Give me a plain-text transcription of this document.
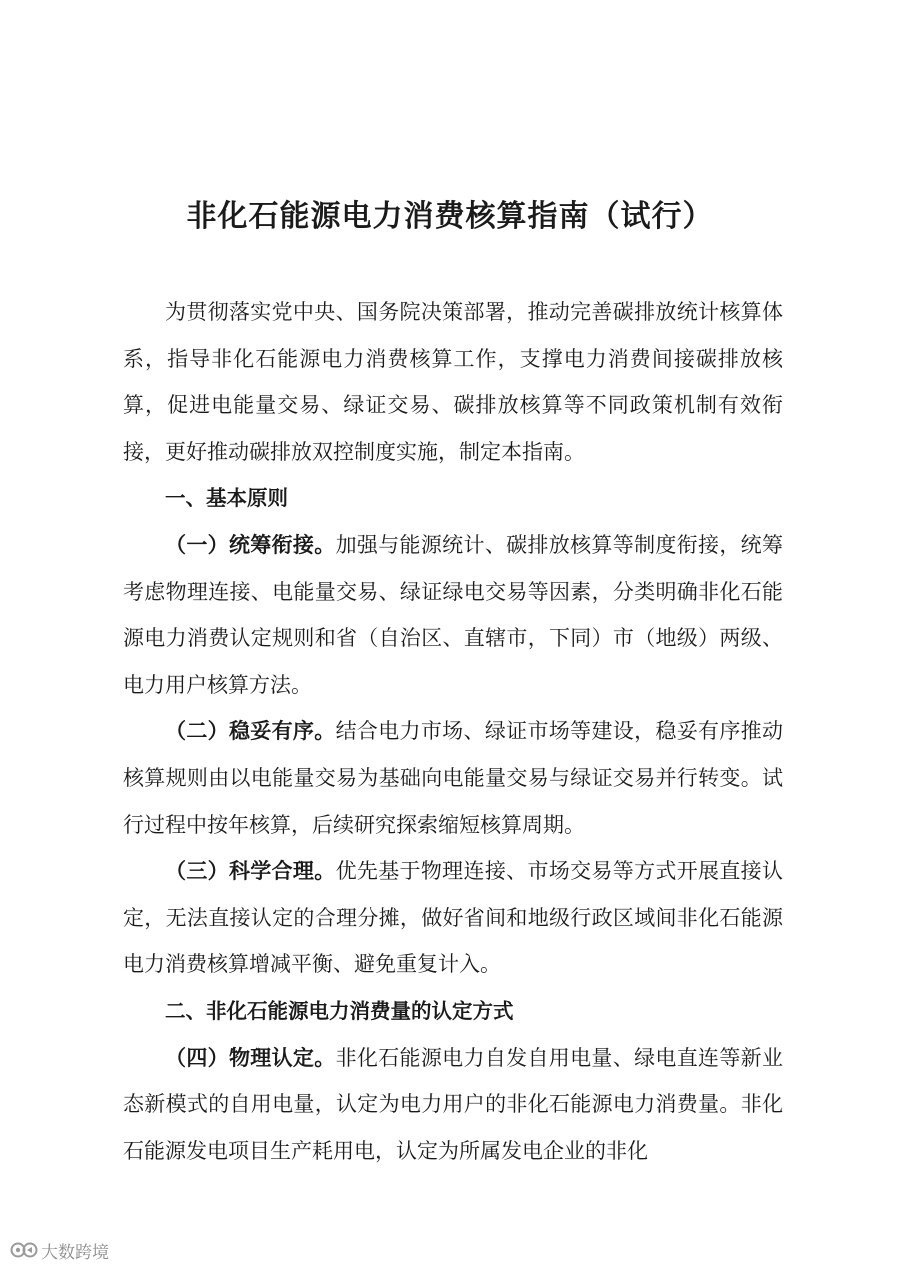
非化石能源电力消费核算指南（试行）

为贯彻落实党中央、国务院决策部署，推动完善碳排放统计核算体系，指导非化石能源电力消费核算工作，支撑电力消费间接碳排放核算，促进电能量交易、绿证交易、碳排放核算等不同政策机制有效衔接，更好推动碳排放双控制度实施，制定本指南。

一、基本原则

（一）统筹衔接。加强与能源统计、碳排放核算等制度衔接，统筹考虑物理连接、电能量交易、绿证绿电交易等因素，分类明确非化石能源电力消费认定规则和省（自治区、直辖市，下同）市（地级）两级、电力用户核算方法。

（二）稳妥有序。结合电力市场、绿证市场等建设，稳妥有序推动核算规则由以电能量交易为基础向电能量交易与绿证交易并行转变。试行过程中按年核算，后续研究探索缩短核算周期。

（三）科学合理。优先基于物理连接、市场交易等方式开展直接认定，无法直接认定的合理分摊，做好省间和地级行政区域间非化石能源电力消费核算增减平衡、避免重复计入。

二、非化石能源电力消费量的认定方式

（四）物理认定。非化石能源电力自发自用电量、绿电直连等新业态新模式的自用电量，认定为电力用户的非化石能源电力消费量。非化石能源发电项目生产耗用电，认定为所属发电企业的非化

大数跨境
